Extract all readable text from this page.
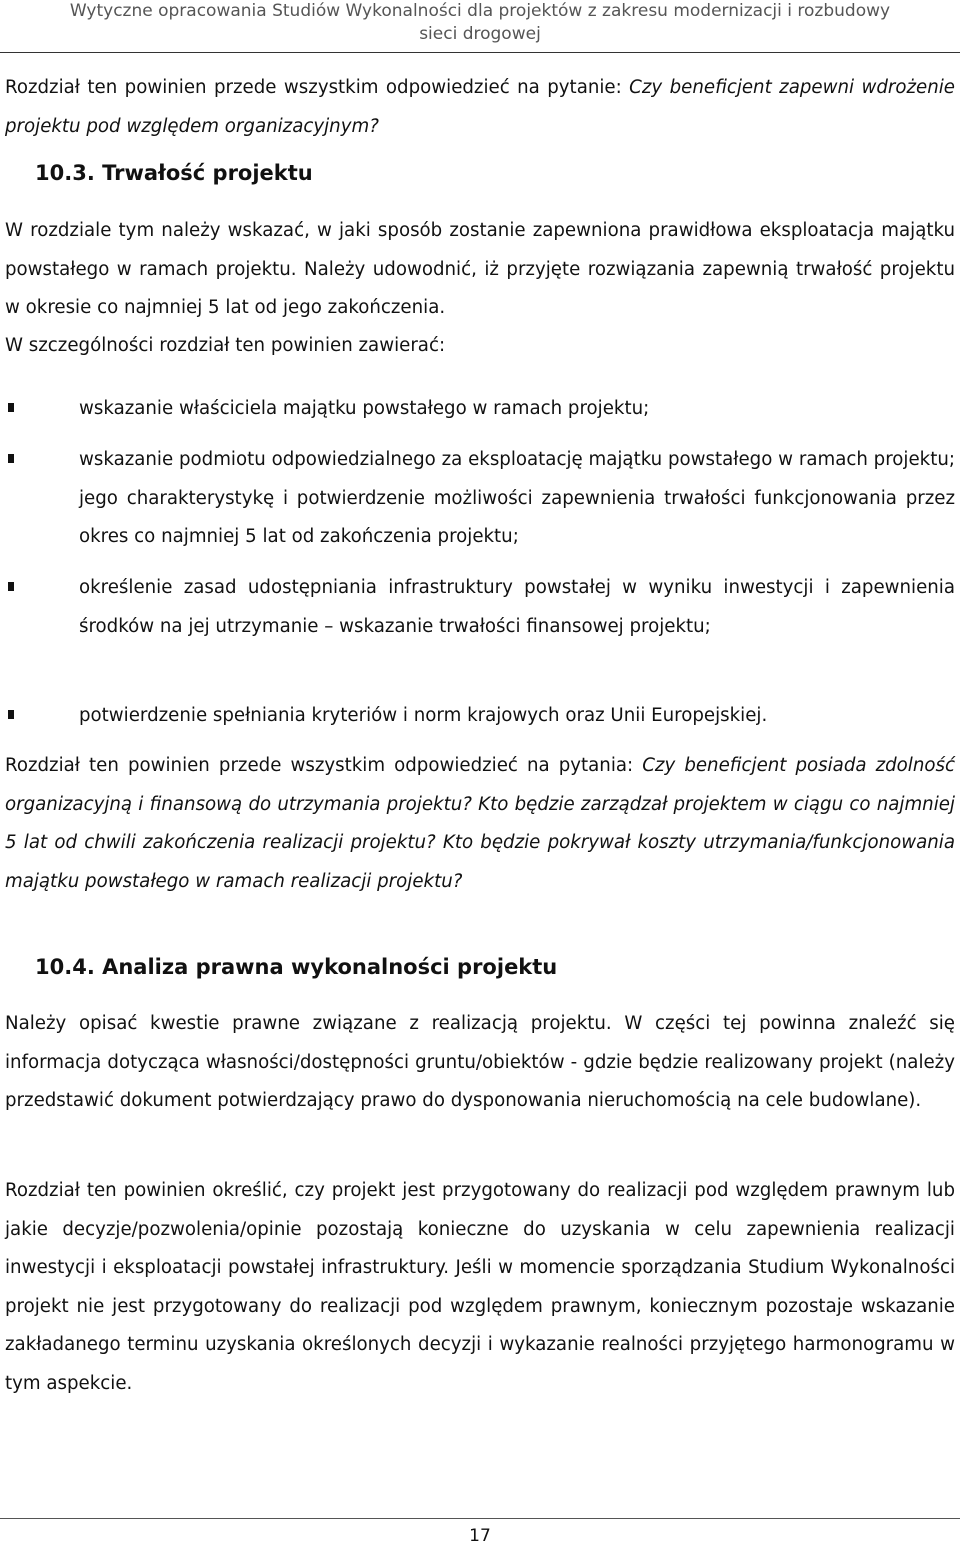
Wytyczne opracowania Studiów Wykonalności dla projektów z zakresu modernizacji i rozbudowy
sieci drogowej
Rozdział ten powinien przede wszystkim odpowiedzieć na pytanie: Czy beneficjent zapewni wdrożenie projektu pod względem organizacyjnym?
10.3. Trwałość projektu
W rozdziale tym należy wskazać, w jaki sposób zostanie zapewniona prawidłowa eksploatacja majątku powstałego w ramach projektu. Należy udowodnić, iż przyjęte rozwiązania zapewnią trwałość projektu w okresie co najmniej 5 lat od jego zakończenia.
W szczególności rozdział ten powinien zawierać:
wskazanie właściciela majątku powstałego w ramach projektu;
wskazanie podmiotu odpowiedzialnego za eksploatację majątku powstałego w ramach projektu; jego charakterystykę i potwierdzenie możliwości zapewnienia trwałości funkcjonowania przez okres co najmniej 5 lat od zakończenia projektu;
określenie zasad udostępniania infrastruktury powstałej w wyniku inwestycji i zapewnienia środków na jej utrzymanie – wskazanie trwałości finansowej projektu;
potwierdzenie spełniania kryteriów i norm krajowych oraz Unii Europejskiej.
Rozdział ten powinien przede wszystkim odpowiedzieć na pytania: Czy beneficjent posiada zdolność organizacyjną i finansową do utrzymania projektu? Kto będzie zarządzał projektem w ciągu co najmniej 5 lat od chwili zakończenia realizacji projektu? Kto będzie pokrywał koszty utrzymania/funkcjonowania majątku powstałego w ramach realizacji projektu?
10.4. Analiza prawna wykonalności projektu
Należy opisać kwestie prawne związane z realizacją projektu. W części tej powinna znaleźć się informacja dotycząca własności/dostępności gruntu/obiektów - gdzie będzie realizowany projekt (należy przedstawić dokument potwierdzający prawo do dysponowania nieruchomością na cele budowlane).
Rozdział ten powinien określić, czy projekt jest przygotowany do realizacji pod względem prawnym lub jakie decyzje/pozwolenia/opinie pozostają konieczne do uzyskania w celu zapewnienia realizacji inwestycji i eksploatacji powstałej infrastruktury. Jeśli w momencie sporządzania Studium Wykonalności projekt nie jest przygotowany do realizacji pod względem prawnym, koniecznym pozostaje wskazanie zakładanego terminu uzyskania określonych decyzji i wykazanie realności przyjętego harmonogramu w tym aspekcie.
17
